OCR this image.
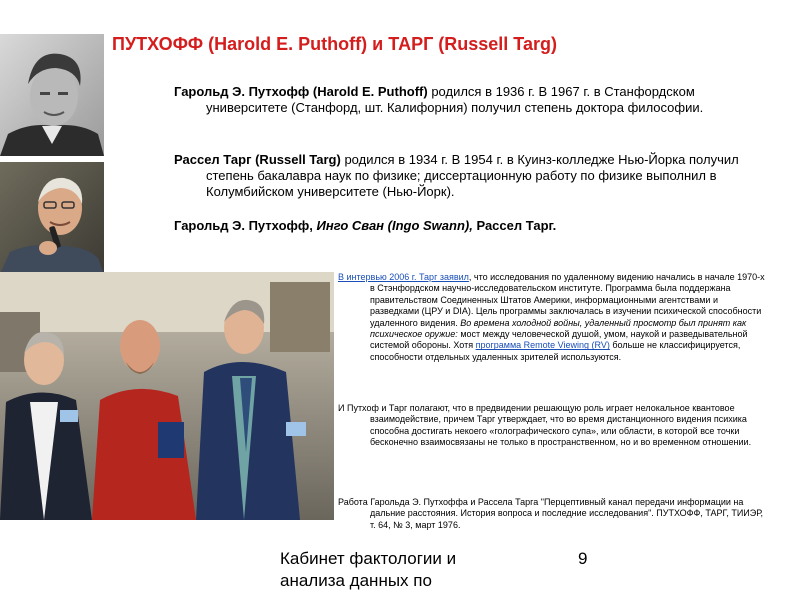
ПУТХОФФ (Harold E. Puthoff) и ТАРГ (Russell Targ)
Гарольд Э. Путхофф (Harold E. Puthoff) родился в 1936 г. В 1967 г. в Станфордском университете (Станфорд, шт. Калифорния) получил степень доктора философии.
Рассел Тарг (Russell Targ) родился в 1934 г. В 1954 г. в Куинз-колледже Нью-Йорка получил степень бакалавра наук по физике; диссертационную работу по физике выполнил в Колумбийском университете (Нью-Йорк).
Гарольд Э. Путхофф, Инго Сван (Ingo Swann), Рассел Тарг.
В интервью 2006 г. Тарг заявил, что исследования по удаленному видению начались в начале 1970-х в Стэнфордском научно-исследовательском институте. Программа была поддержана правительством Соединенных Штатов Америки, информационными агентствами и разведками (ЦРУ и DIA). Цель программы заключалась в изучении психической способности удаленного видения. Во времена холодной войны, удаленный просмотр был принят как психическое оружие: мост между человеческой душой, умом, наукой и разведывательной системой обороны. Хотя программа Remote Viewing (RV) больше не классифицируется, способности отдельных удаленных зрителей используются.
И Путхоф и Тарг полагают, что в предвидении решающую роль играет нелокальное квантовое взаимодействие, причем Тарг утверждает, что во время дистанционного видения психика способна достигать некоего «голографического супа», или области, в которой все точки бесконечно взаимосвязаны не только в пространственном, но и во временном отношении.
Работа Гарольда Э. Путхоффа и Рассела Тарга "Перцептивный канал передачи информации на дальние расстояния. История вопроса и последние исследования". ПУТХОФФ, ТАРГ, ТИИЭР, т. 64, № 3, март 1976.
Кабинет фактологии и анализа данных по
9
